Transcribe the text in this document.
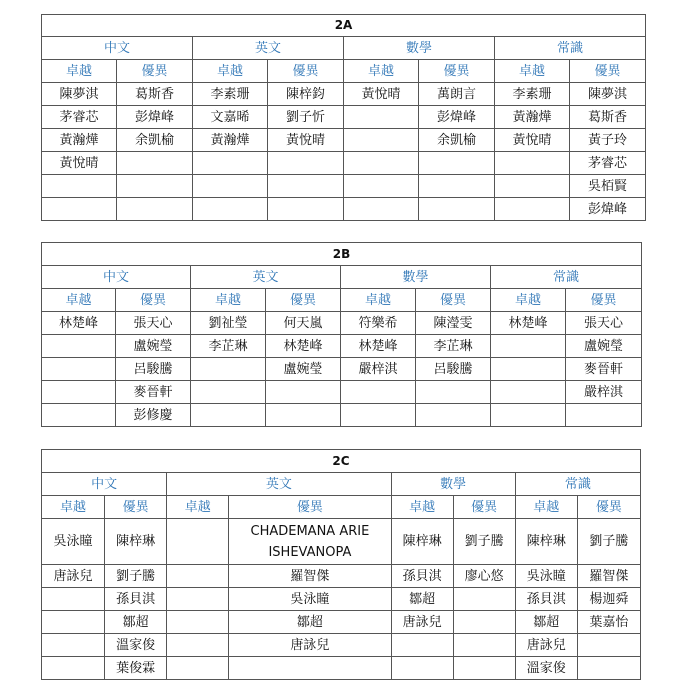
2A							
中文		英文		數學		常識	
卓越	優異	卓越	優異	卓越	優異	卓越	優異
陳夢淇	葛斯香	李素珊	陳梓鈞	黃悅晴	萬朗言	李素珊	陳夢淇
茅睿芯	彭煒峰	文嘉晞	劉子忻		彭煒峰	黃瀚燁	葛斯香
黃瀚燁	余凱榆	黃瀚燁	黃悅晴		余凱榆	黃悅晴	黃子玲
黃悅晴							茅睿芯
							吳栢賢
							彭煒峰
2B							
中文		英文		數學		常識	
卓越	優異	卓越	優異	卓越	優異	卓越	優異
林楚峰	張天心	劉祉瑩	何天嵐	符樂希	陳瀅雯	林楚峰	張天心
	盧婉瑩	李芷琳	林楚峰	林楚峰	李芷琳		盧婉瑩
	呂駿騰		盧婉瑩	嚴梓淇	呂駿騰		麥晉軒
	麥晉軒						嚴梓淇
	彭修慶						
2C							
中文		英文		數學		常識	
卓越	優異	卓越	優異	卓越	優異	卓越	優異
吳泳瞳	陳梓琳		CHADEMANA ARIE ISHEVANOPA	陳梓琳	劉子騰	陳梓琳	劉子騰
唐詠兒	劉子騰		羅智傑	孫貝淇	廖心悠	吳泳瞳	羅智傑
	孫貝淇		吳泳瞳	鄒超		孫貝淇	楊迦舜
	鄒超		鄒超	唐詠兒		鄒超	葉嘉怡
	溫家俊		唐詠兒			唐詠兒	
	葉俊霖					溫家俊	
